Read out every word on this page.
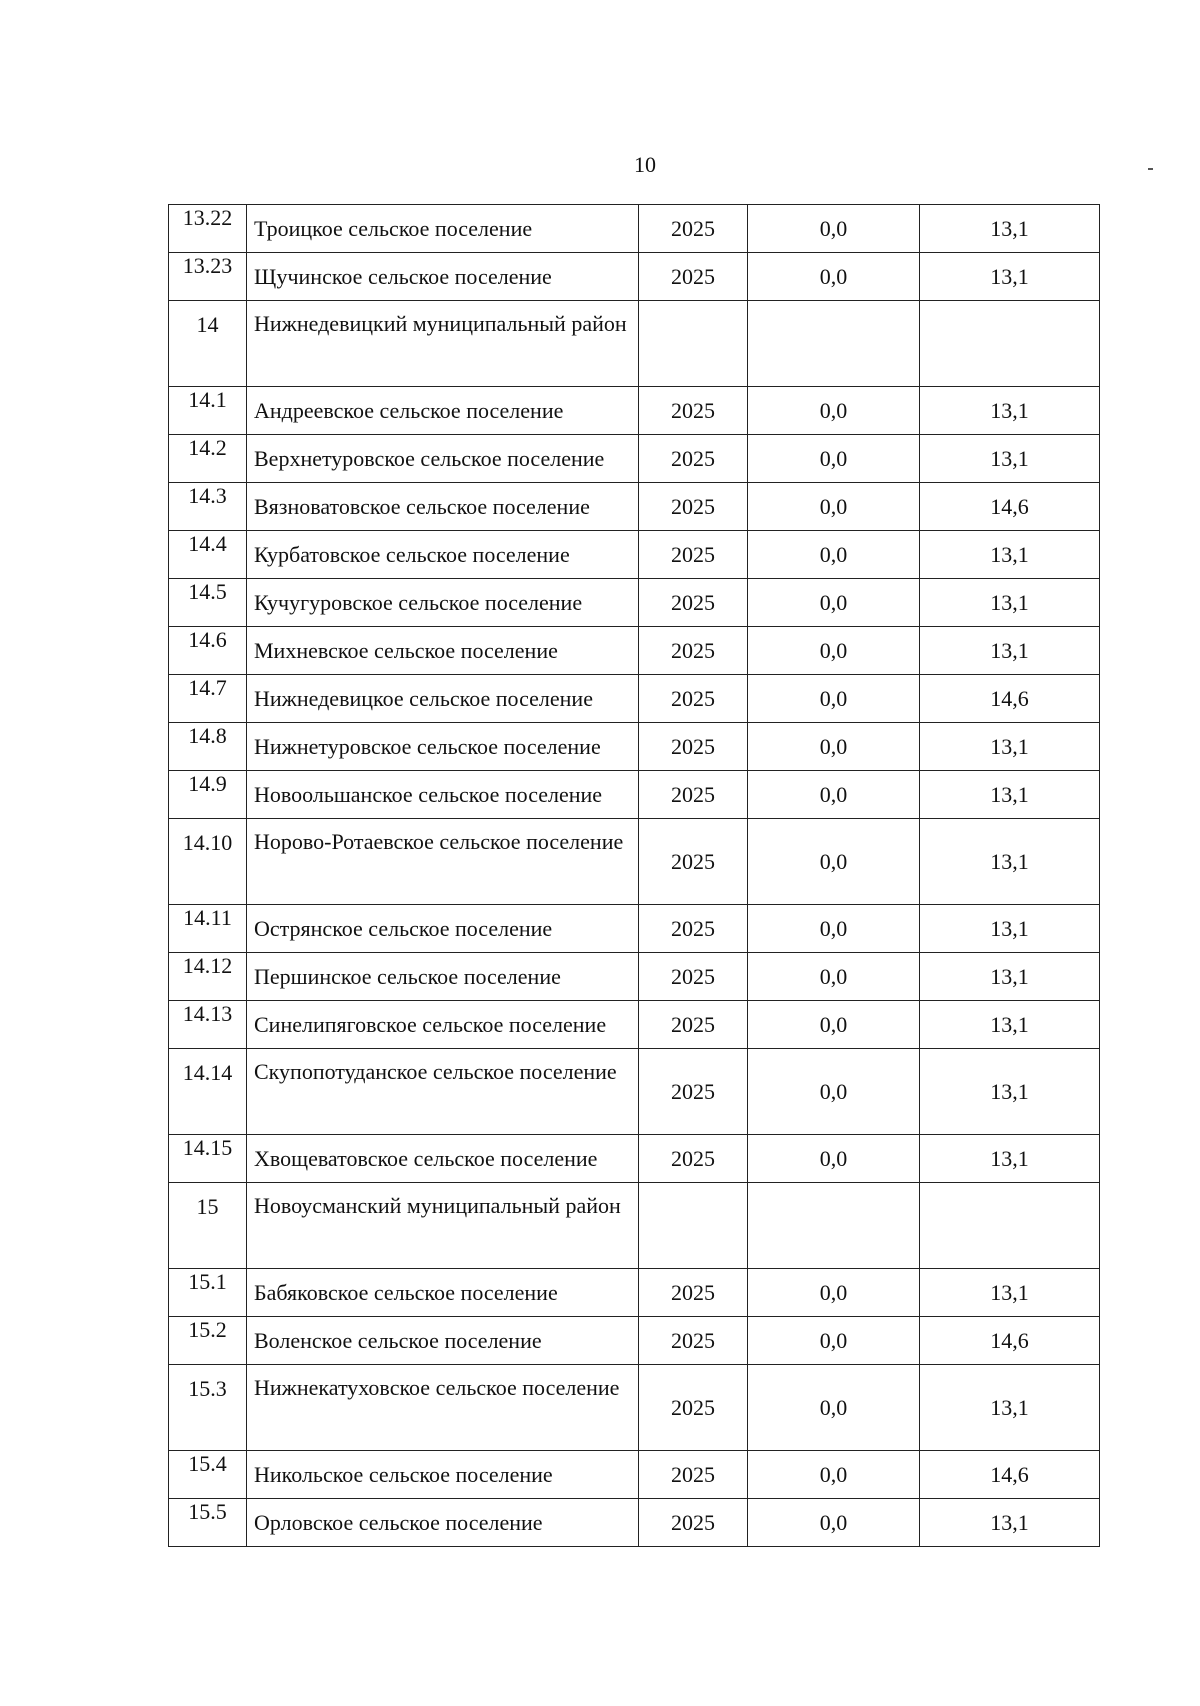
10
13.22	Троицкое сельское поселение	2025	0,0	13,1
13.23	Щучинское сельское поселение	2025	0,0	13,1
14	Нижнедевицкий муниципальный район			
14.1	Андреевское сельское поселение	2025	0,0	13,1
14.2	Верхнетуровское сельское поселение	2025	0,0	13,1
14.3	Вязноватовское сельское поселение	2025	0,0	14,6
14.4	Курбатовское сельское поселение	2025	0,0	13,1
14.5	Кучугуровское сельское поселение	2025	0,0	13,1
14.6	Михневское сельское поселение	2025	0,0	13,1
14.7	Нижнедевицкое сельское поселение	2025	0,0	14,6
14.8	Нижнетуровское сельское поселение	2025	0,0	13,1
14.9	Новоольшанское сельское поселение	2025	0,0	13,1
14.10	Норово-Ротаевское сельское поселение	2025	0,0	13,1
14.11	Острянское сельское поселение	2025	0,0	13,1
14.12	Першинское сельское поселение	2025	0,0	13,1
14.13	Синелипяговское сельское поселение	2025	0,0	13,1
14.14	Скупопотуданское сельское поселение	2025	0,0	13,1
14.15	Хвощеватовское сельское поселение	2025	0,0	13,1
15	Новоусманский муниципальный район			
15.1	Бабяковское сельское поселение	2025	0,0	13,1
15.2	Воленское сельское поселение	2025	0,0	14,6
15.3	Нижнекатуховское сельское поселение	2025	0,0	13,1
15.4	Никольское сельское поселение	2025	0,0	14,6
15.5	Орловское сельское поселение	2025	0,0	13,1
